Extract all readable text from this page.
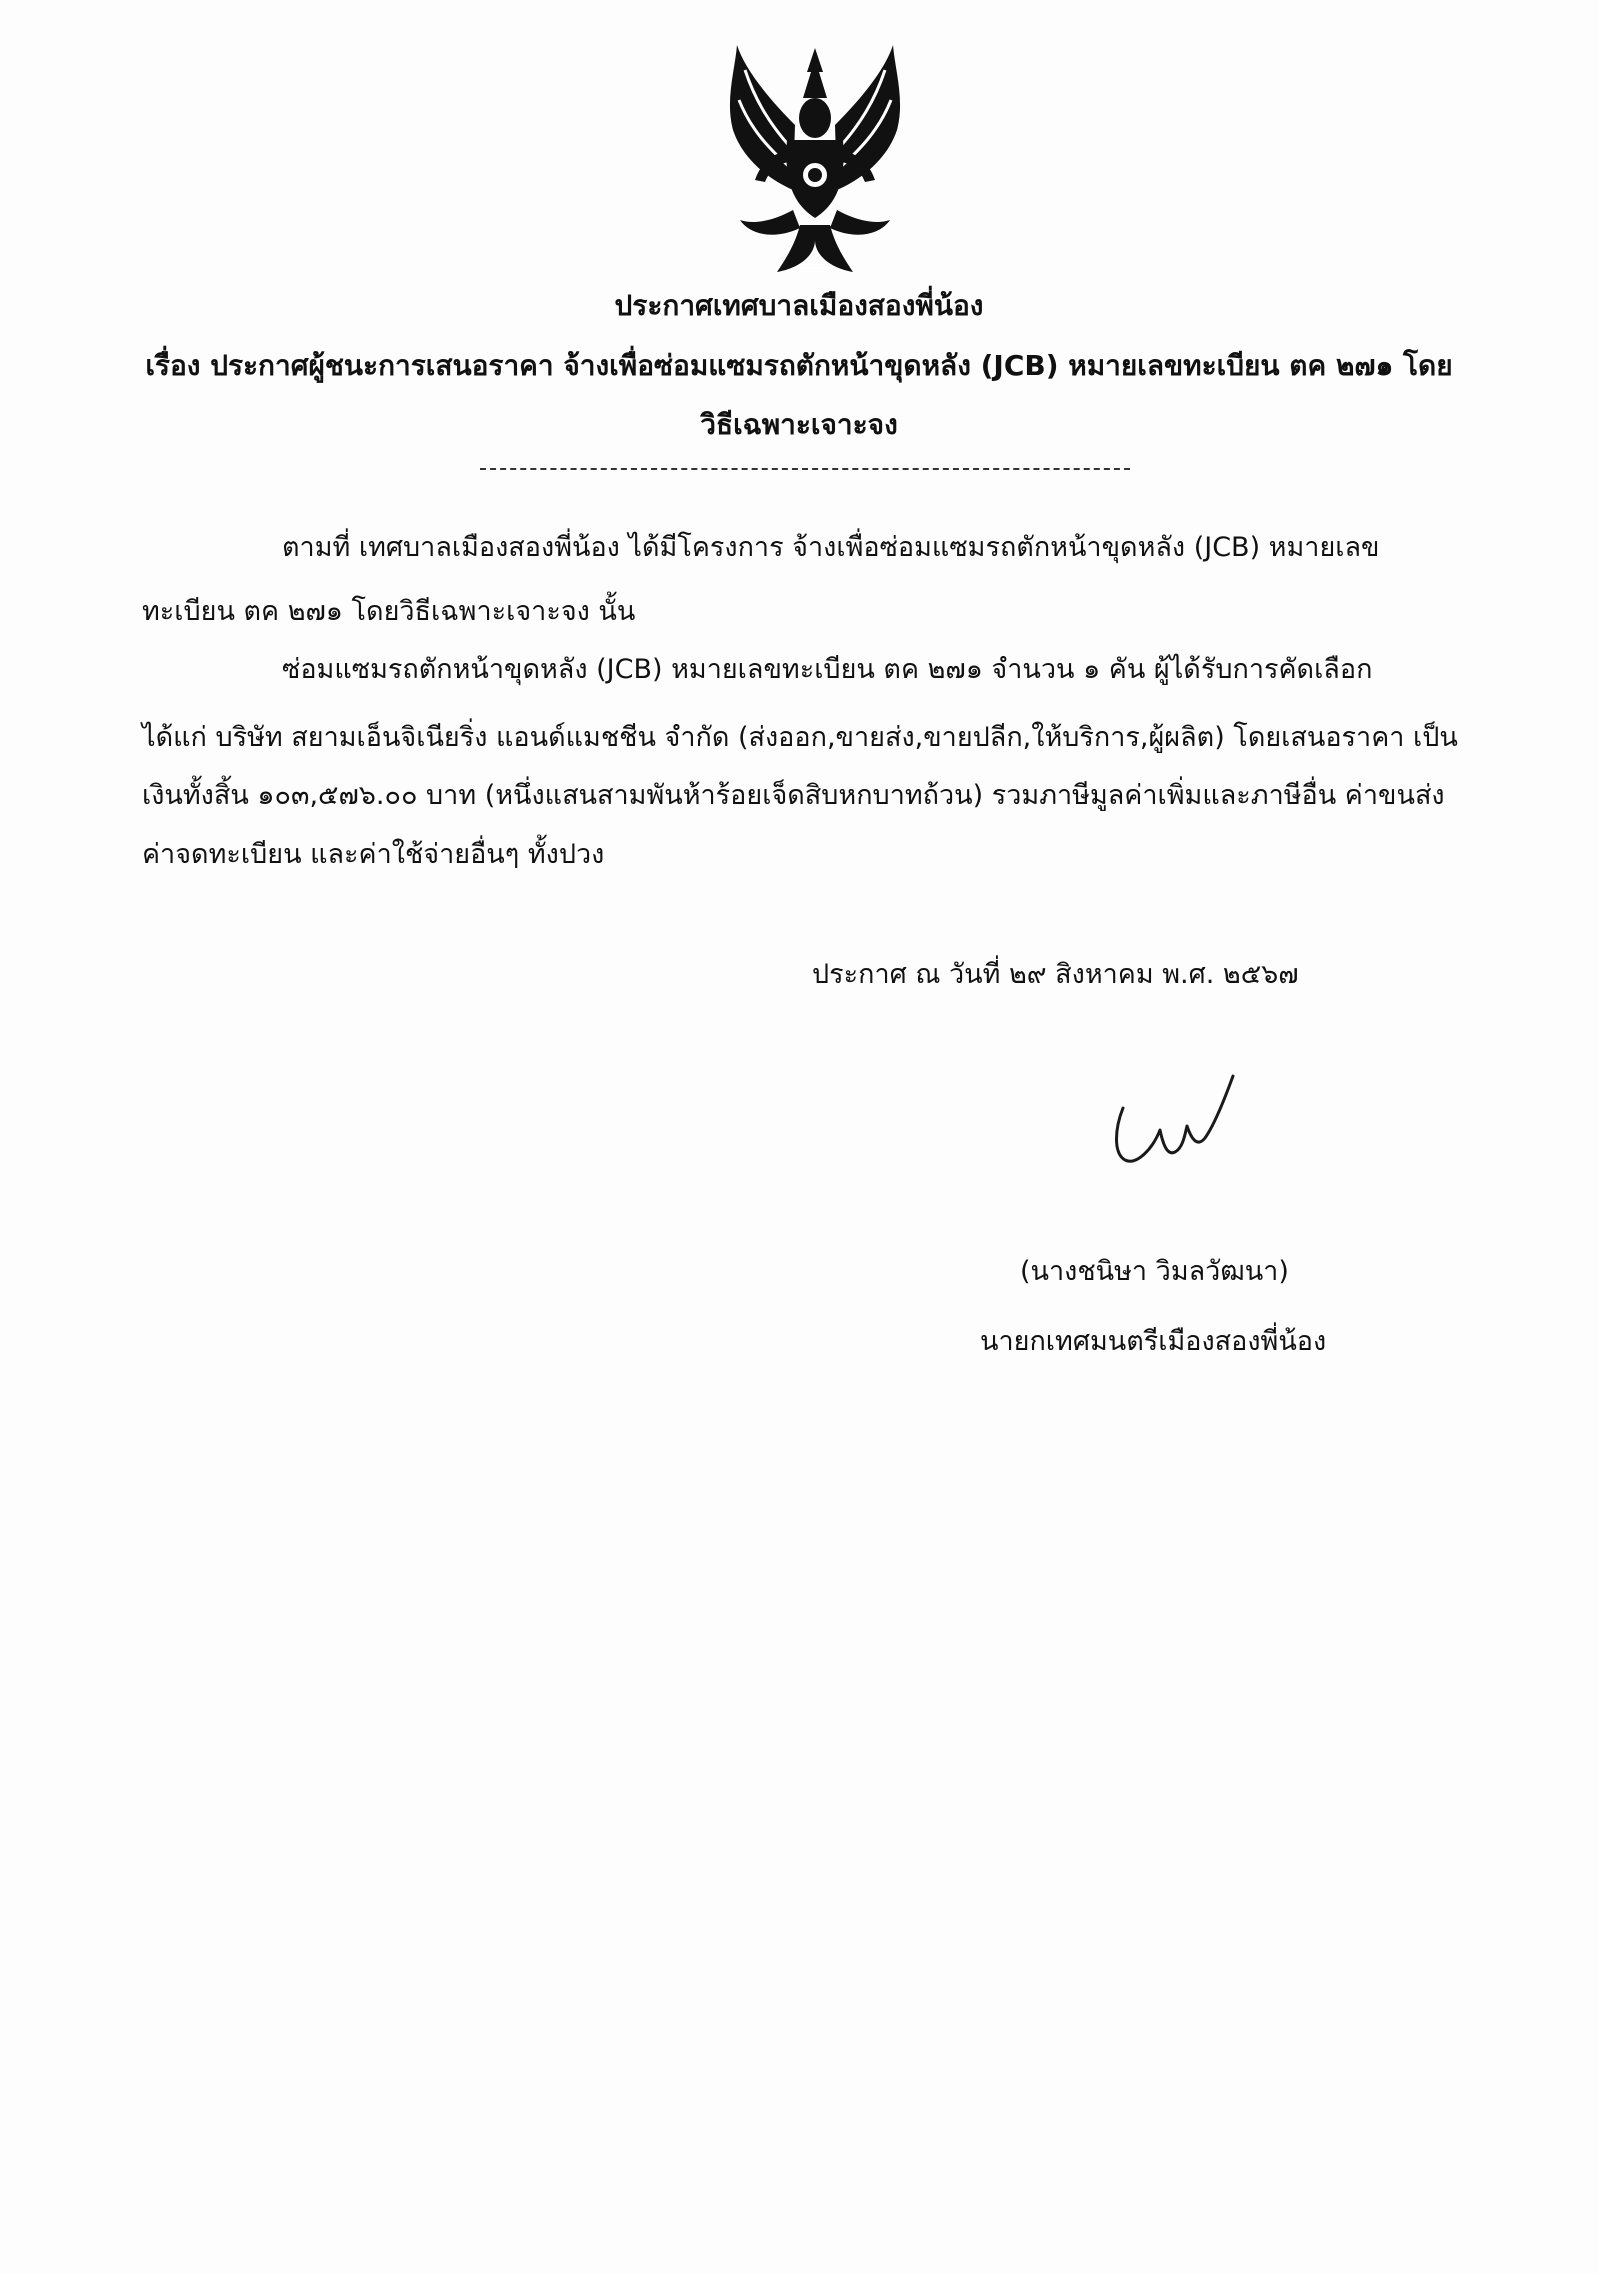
ประกาศเทศบาลเมืองสองพี่น้อง
เรื่อง ประกาศผู้ชนะการเสนอราคา จ้างเพื่อซ่อมแซมรถตักหน้าขุดหลัง (JCB) หมายเลขทะเบียน ตค ๒๗๑ โดย
วิธีเฉพาะเจาะจง
ตามที่ เทศบาลเมืองสองพี่น้อง ได้มีโครงการ จ้างเพื่อซ่อมแซมรถตักหน้าขุดหลัง (JCB) หมายเลข
ทะเบียน ตค ๒๗๑ โดยวิธีเฉพาะเจาะจง นั้น
ซ่อมแซมรถตักหน้าขุดหลัง (JCB) หมายเลขทะเบียน ตค ๒๗๑ จำนวน ๑ คัน ผู้ได้รับการคัดเลือก
ได้แก่ บริษัท สยามเอ็นจิเนียริ่ง แอนด์แมชชีน จำกัด (ส่งออก,ขายส่ง,ขายปลีก,ให้บริการ,ผู้ผลิต) โดยเสนอราคา เป็น
เงินทั้งสิ้น ๑๐๓,๕๗๖.๐๐ บาท (หนึ่งแสนสามพันห้าร้อยเจ็ดสิบหกบาทถ้วน) รวมภาษีมูลค่าเพิ่มและภาษีอื่น ค่าขนส่ง
ค่าจดทะเบียน และค่าใช้จ่ายอื่นๆ ทั้งปวง
ประกาศ ณ วันที่ ๒๙ สิงหาคม พ.ศ. ๒๕๖๗
(นางชนิษา วิมลวัฒนา)
นายกเทศมนตรีเมืองสองพี่น้อง
